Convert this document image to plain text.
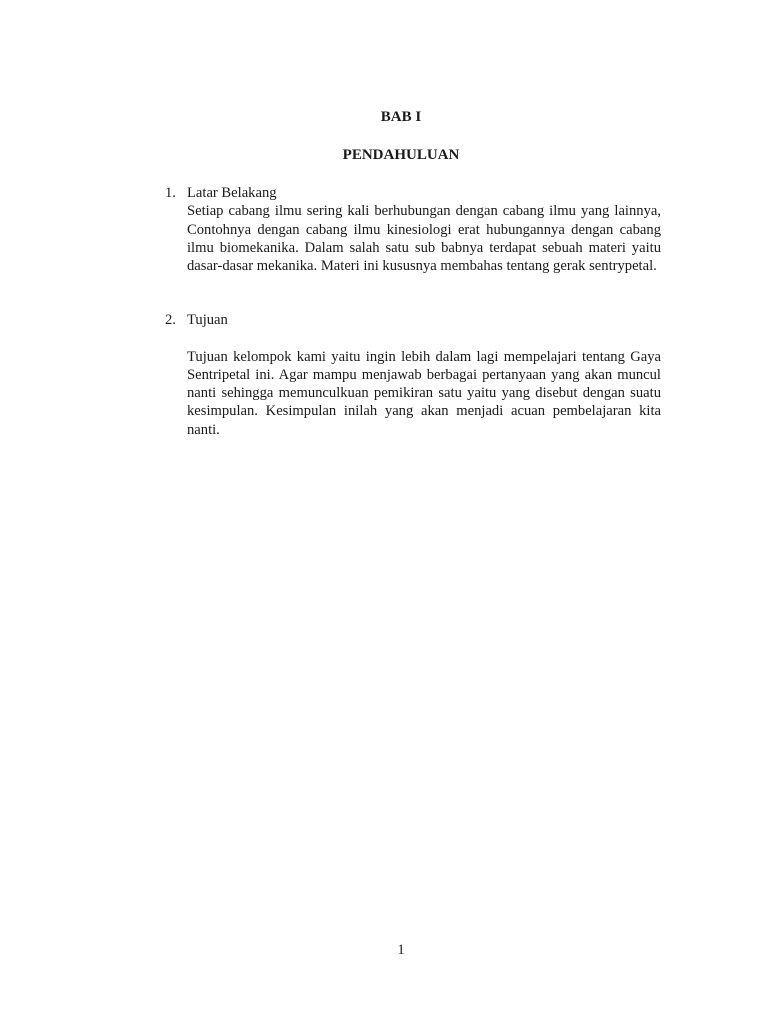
BAB I
PENDAHULUAN
1. Latar Belakang

Setiap cabang ilmu sering kali berhubungan dengan cabang ilmu yang lainnya, Contohnya dengan cabang ilmu kinesiologi erat hubungannya dengan cabang ilmu biomekanika. Dalam salah satu sub babnya terdapat sebuah materi yaitu dasar-dasar mekanika. Materi ini kususnya membahas tentang gerak sentrypetal.

2. Tujuan

Tujuan kelompok kami yaitu ingin lebih dalam lagi mempelajari tentang Gaya Sentripetal ini. Agar mampu menjawab berbagai pertanyaan yang akan muncul nanti sehingga memunculkuan pemikiran satu yaitu yang disebut dengan suatu kesimpulan. Kesimpulan inilah yang akan menjadi acuan pembelajaran kita nanti.

1
